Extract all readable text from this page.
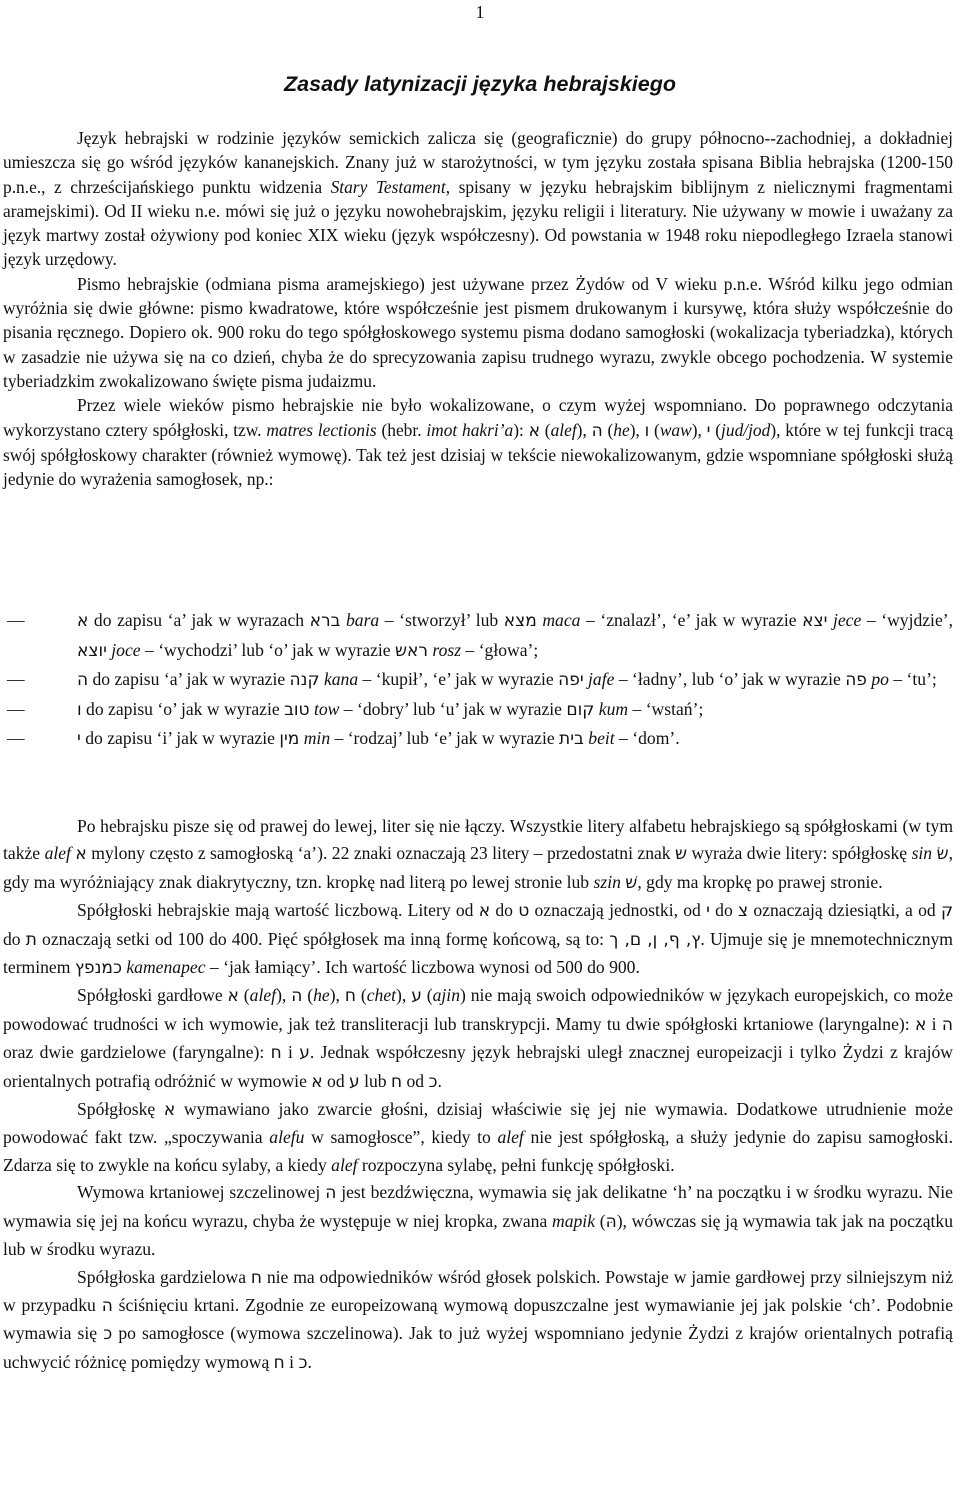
1
Zasady latynizacji języka hebrajskiego

Język hebrajski w rodzinie języków semickich zalicza się (geograficznie) do grupy północno--zachodniej, a dokładniej umieszcza się go wśród języków kananejskich. Znany już w starożytności, w tym języku została spisana Biblia hebrajska (1200-150 p.n.e., z chrześcijańskiego punktu widzenia Stary Testament, spisany w języku hebrajskim biblijnym z nielicznymi fragmentami aramejskimi). Od II wieku n.e. mówi się już o języku nowohebrajskim, języku religii i literatury. Nie używany w mowie i uważany za język martwy został ożywiony pod koniec XIX wieku (język współczesny). Od powstania w 1948 roku niepodległego Izraela stanowi język urzędowy.

Pismo hebrajskie (odmiana pisma aramejskiego) jest używane przez Żydów od V wieku p.n.e. Wśród kilku jego odmian wyróżnia się dwie główne: pismo kwadratowe, które współcześnie jest pismem drukowanym i kursywę, która służy współcześnie do pisania ręcznego. Dopiero ok. 900 roku do tego spółgłoskowego systemu pisma dodano samogłoski (wokalizacja tyberiadzka), których w zasadzie nie używa się na co dzień, chyba że do sprecyzowania zapisu trudnego wyrazu, zwykle obcego pochodzenia. W systemie tyberiadzkim zwokalizowano święte pisma judaizmu.

Przez wiele wieków pismo hebrajskie nie było wokalizowane, o czym wyżej wspomniano. Do poprawnego odczytania wykorzystano cztery spółgłoski, tzw. matres lectionis (hebr. imot hakri’a): א (alef), ה (he), ו (waw), י (jud/jod), które w tej funkcji tracą swój spółgłoskowy charakter (również wymowę). Tak też jest dzisiaj w tekście niewokalizowanym, gdzie wspomniane spółgłoski służą jedynie do wyrażenia samogłosek, np.:

—	א do zapisu ‘a’ jak w wyrazach ברא bara – ‘stworzył’ lub מצא maca – ‘znalazł’, ‘e’ jak w wyrazie יצא jece – ‘wyjdzie’, יוצא joce – ‘wychodzi’ lub ‘o’ jak w wyrazie ראש rosz – ‘głowa’;

—	ה do zapisu ‘a’ jak w wyrazie קנה kana – ‘kupił’, ‘e’ jak w wyrazie יפה jafe – ‘ładny’, lub ‘o’ jak w wyrazie פה po – ‘tu’;

—	ו do zapisu ‘o’ jak w wyrazie טוב tow – ‘dobry’ lub ‘u’ jak w wyrazie קום kum – ‘wstań’;

—	י do zapisu ‘i’ jak w wyrazie מין min – ‘rodzaj’ lub ‘e’ jak w wyrazie בית beit – ‘dom’.

Po hebrajsku pisze się od prawej do lewej, liter się nie łączy. Wszystkie litery alfabetu hebrajskiego są spółgłoskami (w tym także alef א mylony często z samogłoską ‘a’). 22 znaki oznaczają 23 litery – przedostatni znak ש wyraża dwie litery: spółgłoskę sin שׂ, gdy ma wyróżniający znak diakrytyczny, tzn. kropkę nad literą po lewej stronie lub szin שׁ, gdy ma kropkę po prawej stronie.

Spółgłoski hebrajskie mają wartość liczbową. Litery od א do ט oznaczają jednostki, od י do צ oznaczają dziesiątki, a od ק do ת oznaczają setki od 100 do 400. Pięć spółgłosek ma inną formę końcową, są to: ץ, ף, ן, ם, ך. Ujmuje się je mnemotechnicznym terminem כמנפץ kamenapec – ‘jak łamiący’. Ich wartość liczbowa wynosi od 500 do 900.

Spółgłoski gardłowe א (alef), ה (he), ח (chet), ע (ajin) nie mają swoich odpowiedników w językach europejskich, co może powodować trudności w ich wymowie, jak też transliteracji lub transkrypcji. Mamy tu dwie spółgłoski krtaniowe (laryngalne): א i ה oraz dwie gardzielowe (faryngalne): ח i ע. Jednak współczesny język hebrajski uległ znacznej europeizacji i tylko Żydzi z krajów orientalnych potrafią odróżnić w wymowie א od ע lub ח od כ.

Spółgłoskę א wymawiano jako zwarcie głośni, dzisiaj właściwie się jej nie wymawia. Dodatkowe utrudnienie może powodować fakt tzw. „spoczywania alefu w samogłosce”, kiedy to alef nie jest spółgłoską, a służy jedynie do zapisu samogłoski. Zdarza się to zwykle na końcu sylaby, a kiedy alef rozpoczyna sylabę, pełni funkcję spółgłoski.

Wymowa krtaniowej szczelinowej ה jest bezdźwięczna, wymawia się jak delikatne ‘h’ na początku i w środku wyrazu. Nie wymawia się jej na końcu wyrazu, chyba że występuje w niej kropka, zwana mapik (הּ), wówczas się ją wymawia tak jak na początku lub w środku wyrazu.

Spółgłoska gardzielowa ח nie ma odpowiedników wśród głosek polskich. Powstaje w jamie gardłowej przy silniejszym niż w przypadku ה ściśnięciu krtani. Zgodnie ze europeizowaną wymową dopuszczalne jest wymawianie jej jak polskie ‘ch’. Podobnie wymawia się כ po samogłosce (wymowa szczelinowa). Jak to już wyżej wspomniano jedynie Żydzi z krajów orientalnych potrafią uchwycić różnicę pomiędzy wymową ח i כ.
